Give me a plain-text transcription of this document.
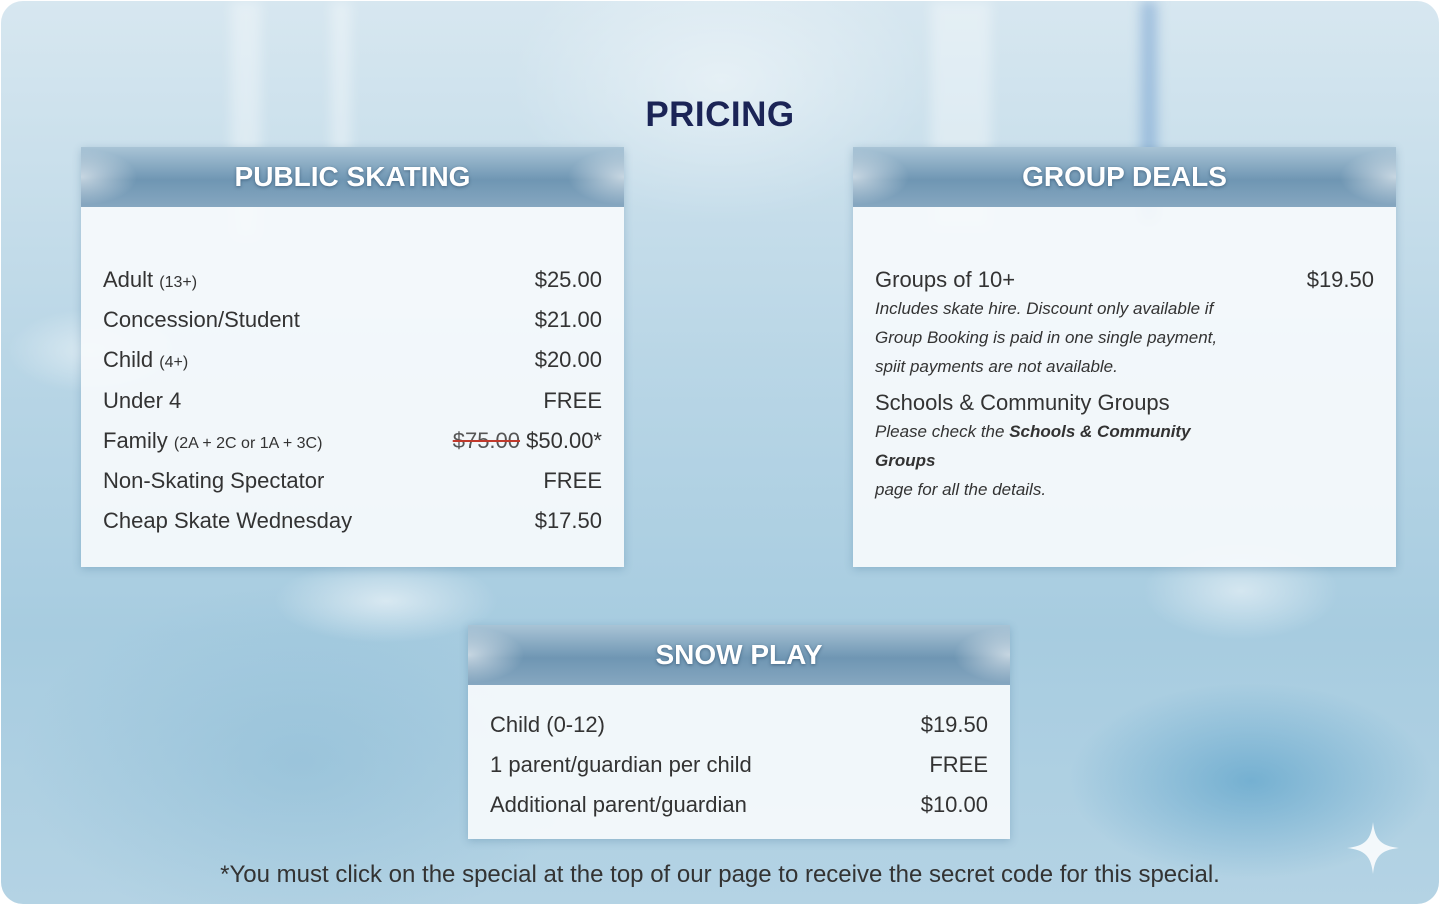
PRICING
PUBLIC SKATING
Adult (13+)	$25.00
Concession/Student	$21.00
Child (4+)	$20.00
Under 4	FREE
Family (2A + 2C or 1A + 3C)	$75.00 $50.00*
Non-Skating Spectator	FREE
Cheap Skate Wednesday	$17.50
GROUP DEALS
Groups of 10+	$19.50
Includes skate hire. Discount only available if Group Booking is paid in one single payment, spiit payments are not available.
Schools & Community Groups
Please check the Schools & Community Groups
page for all the details.
SNOW PLAY
Child (0-12)	$19.50
1 parent/guardian per child	FREE
Additional parent/guardian	$10.00
*You must click on the special at the top of our page to receive the secret code for this special.
